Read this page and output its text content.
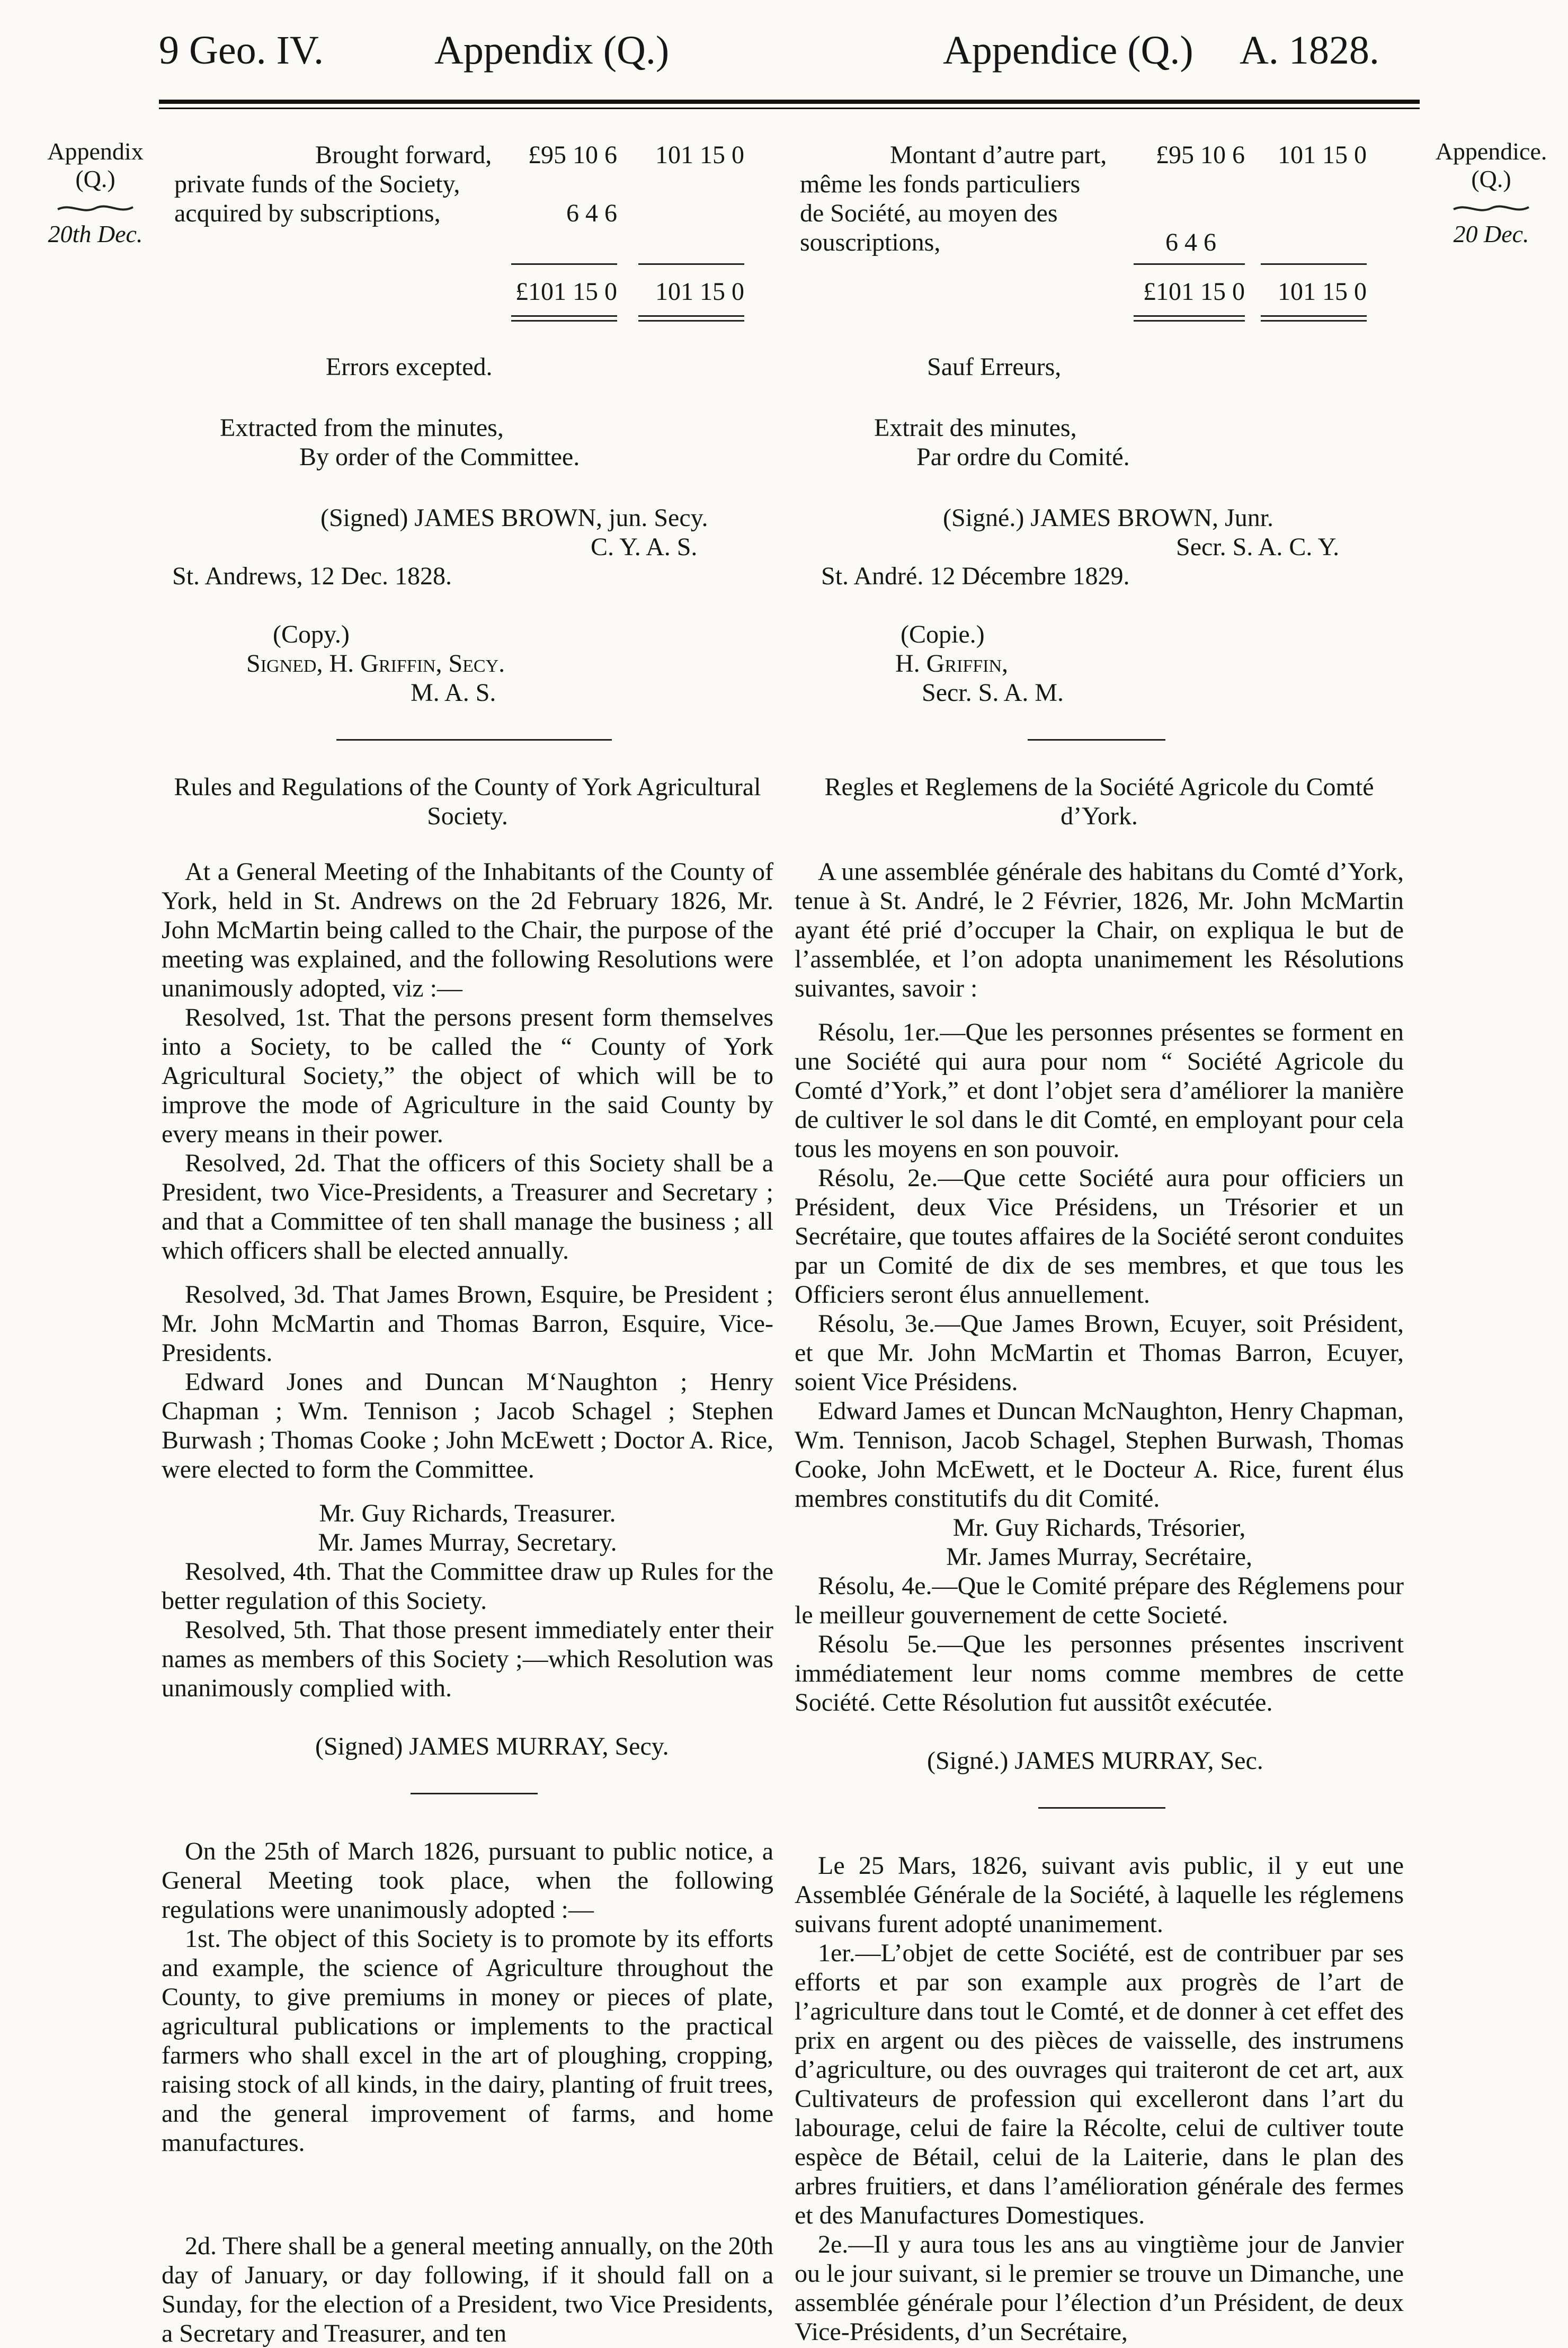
9 Geo. IV.	Appendix (Q.)	Appendice (Q.) A. 1828.
Appendix
(Q.)
20th Dec.
Appendice.
(Q.)
20 Dec.
Brought forward,	£95 10 6	101 15 0
private funds of the Society,
acquired by subscriptions,	6 4 6
£101 15 0	101 15 0

Errors excepted.

Extracted from the minutes,

By order of the Committee.

(Signed) JAMES BROWN, jun. Secy.

C. Y. A. S.

St. Andrews, 12 Dec. 1828.

(Copy.)

Signed, H. Griffin, Secy.

M. A. S.

Rules and Regulations of the County of York Agricultural Society.

At a General Meeting of the Inhabitants of the County of York, held in St. Andrews on the 2d February 1826, Mr. John McMartin being called to the Chair, the purpose of the meeting was explained, and the following Resolutions were unanimously adopted, viz :—

Resolved, 1st. That the persons present form themselves into a Society, to be called the “ County of York Agricultural Society,” the object of which will be to improve the mode of Agriculture in the said County by every means in their power.

Resolved, 2d. That the officers of this Society shall be a President, two Vice-Presidents, a Treasurer and Secretary ; and that a Committee of ten shall manage the business ; all which officers shall be elected annually.

Resolved, 3d. That James Brown, Esquire, be President ; Mr. John McMartin and Thomas Barron, Esquire, Vice-Presidents.

Edward Jones and Duncan M‘Naughton ; Henry Chapman ; Wm. Tennison ; Jacob Schagel ; Stephen Burwash ; Thomas Cooke ; John McEwett ; Doctor A. Rice, were elected to form the Committee.

Mr. Guy Richards, Treasurer.

Mr. James Murray, Secretary.

Resolved, 4th. That the Committee draw up Rules for the better regulation of this Society.

Resolved, 5th. That those present immediately enter their names as members of this Society ;—which Resolution was unanimously complied with.

(Signed) JAMES MURRAY, Secy.

On the 25th of March 1826, pursuant to public notice, a General Meeting took place, when the following regulations were unanimously adopted :—

1st. The object of this Society is to promote by its efforts and example, the science of Agriculture throughout the County, to give premiums in money or pieces of plate, agricultural publications or implements to the practical farmers who shall excel in the art of ploughing, cropping, raising stock of all kinds, in the dairy, planting of fruit trees, and the general improvement of farms, and home manufactures.

2d. There shall be a general meeting annually, on the 20th day of January, or day following, if it should fall on a Sunday, for the election of a President, two Vice Presidents, a Secretary and Treasurer, and ten

Montant d’autre part,	£95 10 6	101 15 0
même les fonds particuliers
de Société, au moyen des
souscriptions,	6 4 6
£101 15 0	101 15 0

Sauf Erreurs,

Extrait des minutes,

Par ordre du Comité.

(Signé.) JAMES BROWN, Junr.

Secr. S. A. C. Y.

St. André. 12 Décembre 1829.

(Copie.)

H. Griffin,

Secr. S. A. M.

Regles et Reglemens de la Société Agricole du Comté d’York.

A une assemblée générale des habitans du Comté d’York, tenue à St. André, le 2 Février, 1826, Mr. John McMartin ayant été prié d’occuper la Chair, on expliqua le but de l’assemblée, et l’on adopta unanimement les Résolutions suivantes, savoir :

Résolu, 1er.—Que les personnes présentes se forment en une Société qui aura pour nom “ Société Agricole du Comté d’York,” et dont l’objet sera d’améliorer la manière de cultiver le sol dans le dit Comté, en employant pour cela tous les moyens en son pouvoir.

Résolu, 2e.—Que cette Société aura pour officiers un Président, deux Vice Présidens, un Trésorier et un Secrétaire, que toutes affaires de la Société seront conduites par un Comité de dix de ses membres, et que tous les Officiers seront élus annuellement.

Résolu, 3e.—Que James Brown, Ecuyer, soit Président, et que Mr. John McMartin et Thomas Barron, Ecuyer, soient Vice Présidens.

Edward James et Duncan McNaughton, Henry Chapman, Wm. Tennison, Jacob Schagel, Stephen Burwash, Thomas Cooke, John McEwett, et le Docteur A. Rice, furent élus membres constitutifs du dit Comité.

Mr. Guy Richards, Trésorier,

Mr. James Murray, Secrétaire,

Résolu, 4e.—Que le Comité prépare des Réglemens pour le meilleur gouvernement de cette Societé.

Résolu 5e.—Que les personnes présentes inscrivent immédiatement leur noms comme membres de cette Société. Cette Résolution fut aussitôt exécutée.

(Signé.) JAMES MURRAY, Sec.

Le 25 Mars, 1826, suivant avis public, il y eut une Assemblée Générale de la Société, à laquelle les réglemens suivans furent adopté unanimement.

1er.—L’objet de cette Société, est de contribuer par ses efforts et par son example aux progrès de l’art de l’agriculture dans tout le Comté, et de donner à cet effet des prix en argent ou des pièces de vaisselle, des instrumens d’agriculture, ou des ouvrages qui traiteront de cet art, aux Cultivateurs de profession qui excelleront dans l’art du labourage, celui de faire la Récolte, celui de cultiver toute espèce de Bétail, celui de la Laiterie, dans le plan des arbres fruitiers, et dans l’amélioration générale des fermes et des Manufactures Domestiques.

2e.—Il y aura tous les ans au vingtième jour de Janvier ou le jour suivant, si le premier se trouve un Dimanche, une assemblée générale pour l’élection d’un Président, de deux Vice-Présidents, d’un Secrétaire,
